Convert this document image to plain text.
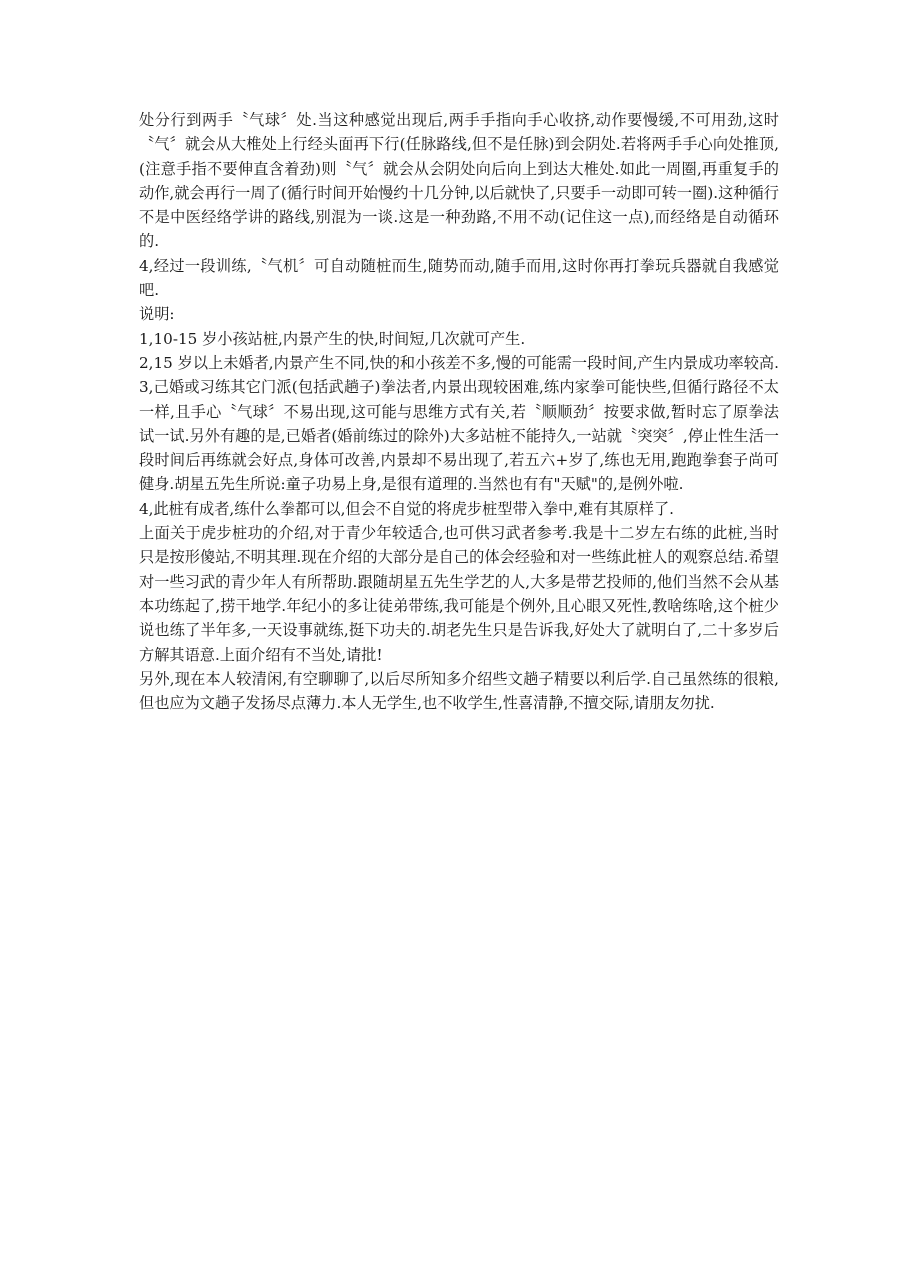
处分行到两手〝气球〞处.当这种感觉出现后,两手手指向手心收挤,动作要慢缓,不可用劲,这时〝气〞就会从大椎处上行经头面再下行(任脉路线,但不是任脉)到会阴处.若将两手手心向处推顶,(注意手指不要伸直含着劲)则〝气〞就会从会阴处向后向上到达大椎处.如此一周圈,再重复手的动作,就会再行一周了(循行时间开始慢约十几分钟,以后就快了,只要手一动即可转一圈).这种循行不是中医经络学讲的路线,别混为一谈.这是一种劲路,不用不动(记住这一点),而经络是自动循环的.

4,经过一段训练,〝气机〞可自动随桩而生,随势而动,随手而用,这时你再打拳玩兵器就自我感觉吧.

说明:

1,10-15 岁小孩站桩,内景产生的快,时间短,几次就可产生.

2,15 岁以上未婚者,内景产生不同,快的和小孩差不多,慢的可能需一段时间,产生内景成功率较高.

3,己婚或习练其它门派(包括武趟子)拳法者,内景出现较困难,练内家拳可能快些,但循行路径不太一样,且手心〝气球〞不易出现,这可能与思维方式有关,若〝顺顺劲〞按要求做,暂时忘了原拳法试一试.另外有趣的是,已婚者(婚前练过的除外)大多站桩不能持久,一站就〝突突〞,停止性生活一段时间后再练就会好点,身体可改善,内景却不易出现了,若五六+岁了,练也无用,跑跑拳套子尚可健身.胡星五先生所说:童子功易上身,是很有道理的.当然也有有"天赋"的,是例外啦.

4,此桩有成者,练什么拳都可以,但会不自觉的将虎步桩型带入拳中,难有其原样了.

上面关于虎步桩功的介绍,对于青少年较适合,也可供习武者参考.我是十二岁左右练的此桩,当时只是按形傻站,不明其理.现在介绍的大部分是自己的体会经验和对一些练此桩人的观察总结.希望对一些习武的青少年人有所帮助.跟随胡星五先生学艺的人,大多是带艺投师的,他们当然不会从基本功练起了,捞干地学.年纪小的多让徒弟带练,我可能是个例外,且心眼又死性,教啥练啥,这个桩少说也练了半年多,一天设事就练,挺下功夫的.胡老先生只是告诉我,好处大了就明白了,二十多岁后方解其语意.上面介绍有不当处,请批!

另外,现在本人较清闲,有空聊聊了,以后尽所知多介绍些文趟子精要以利后学.自己虽然练的很粮,但也应为文趟子发扬尽点薄力.本人无学生,也不收学生,性喜清静,不擅交际,请朋友勿扰.
